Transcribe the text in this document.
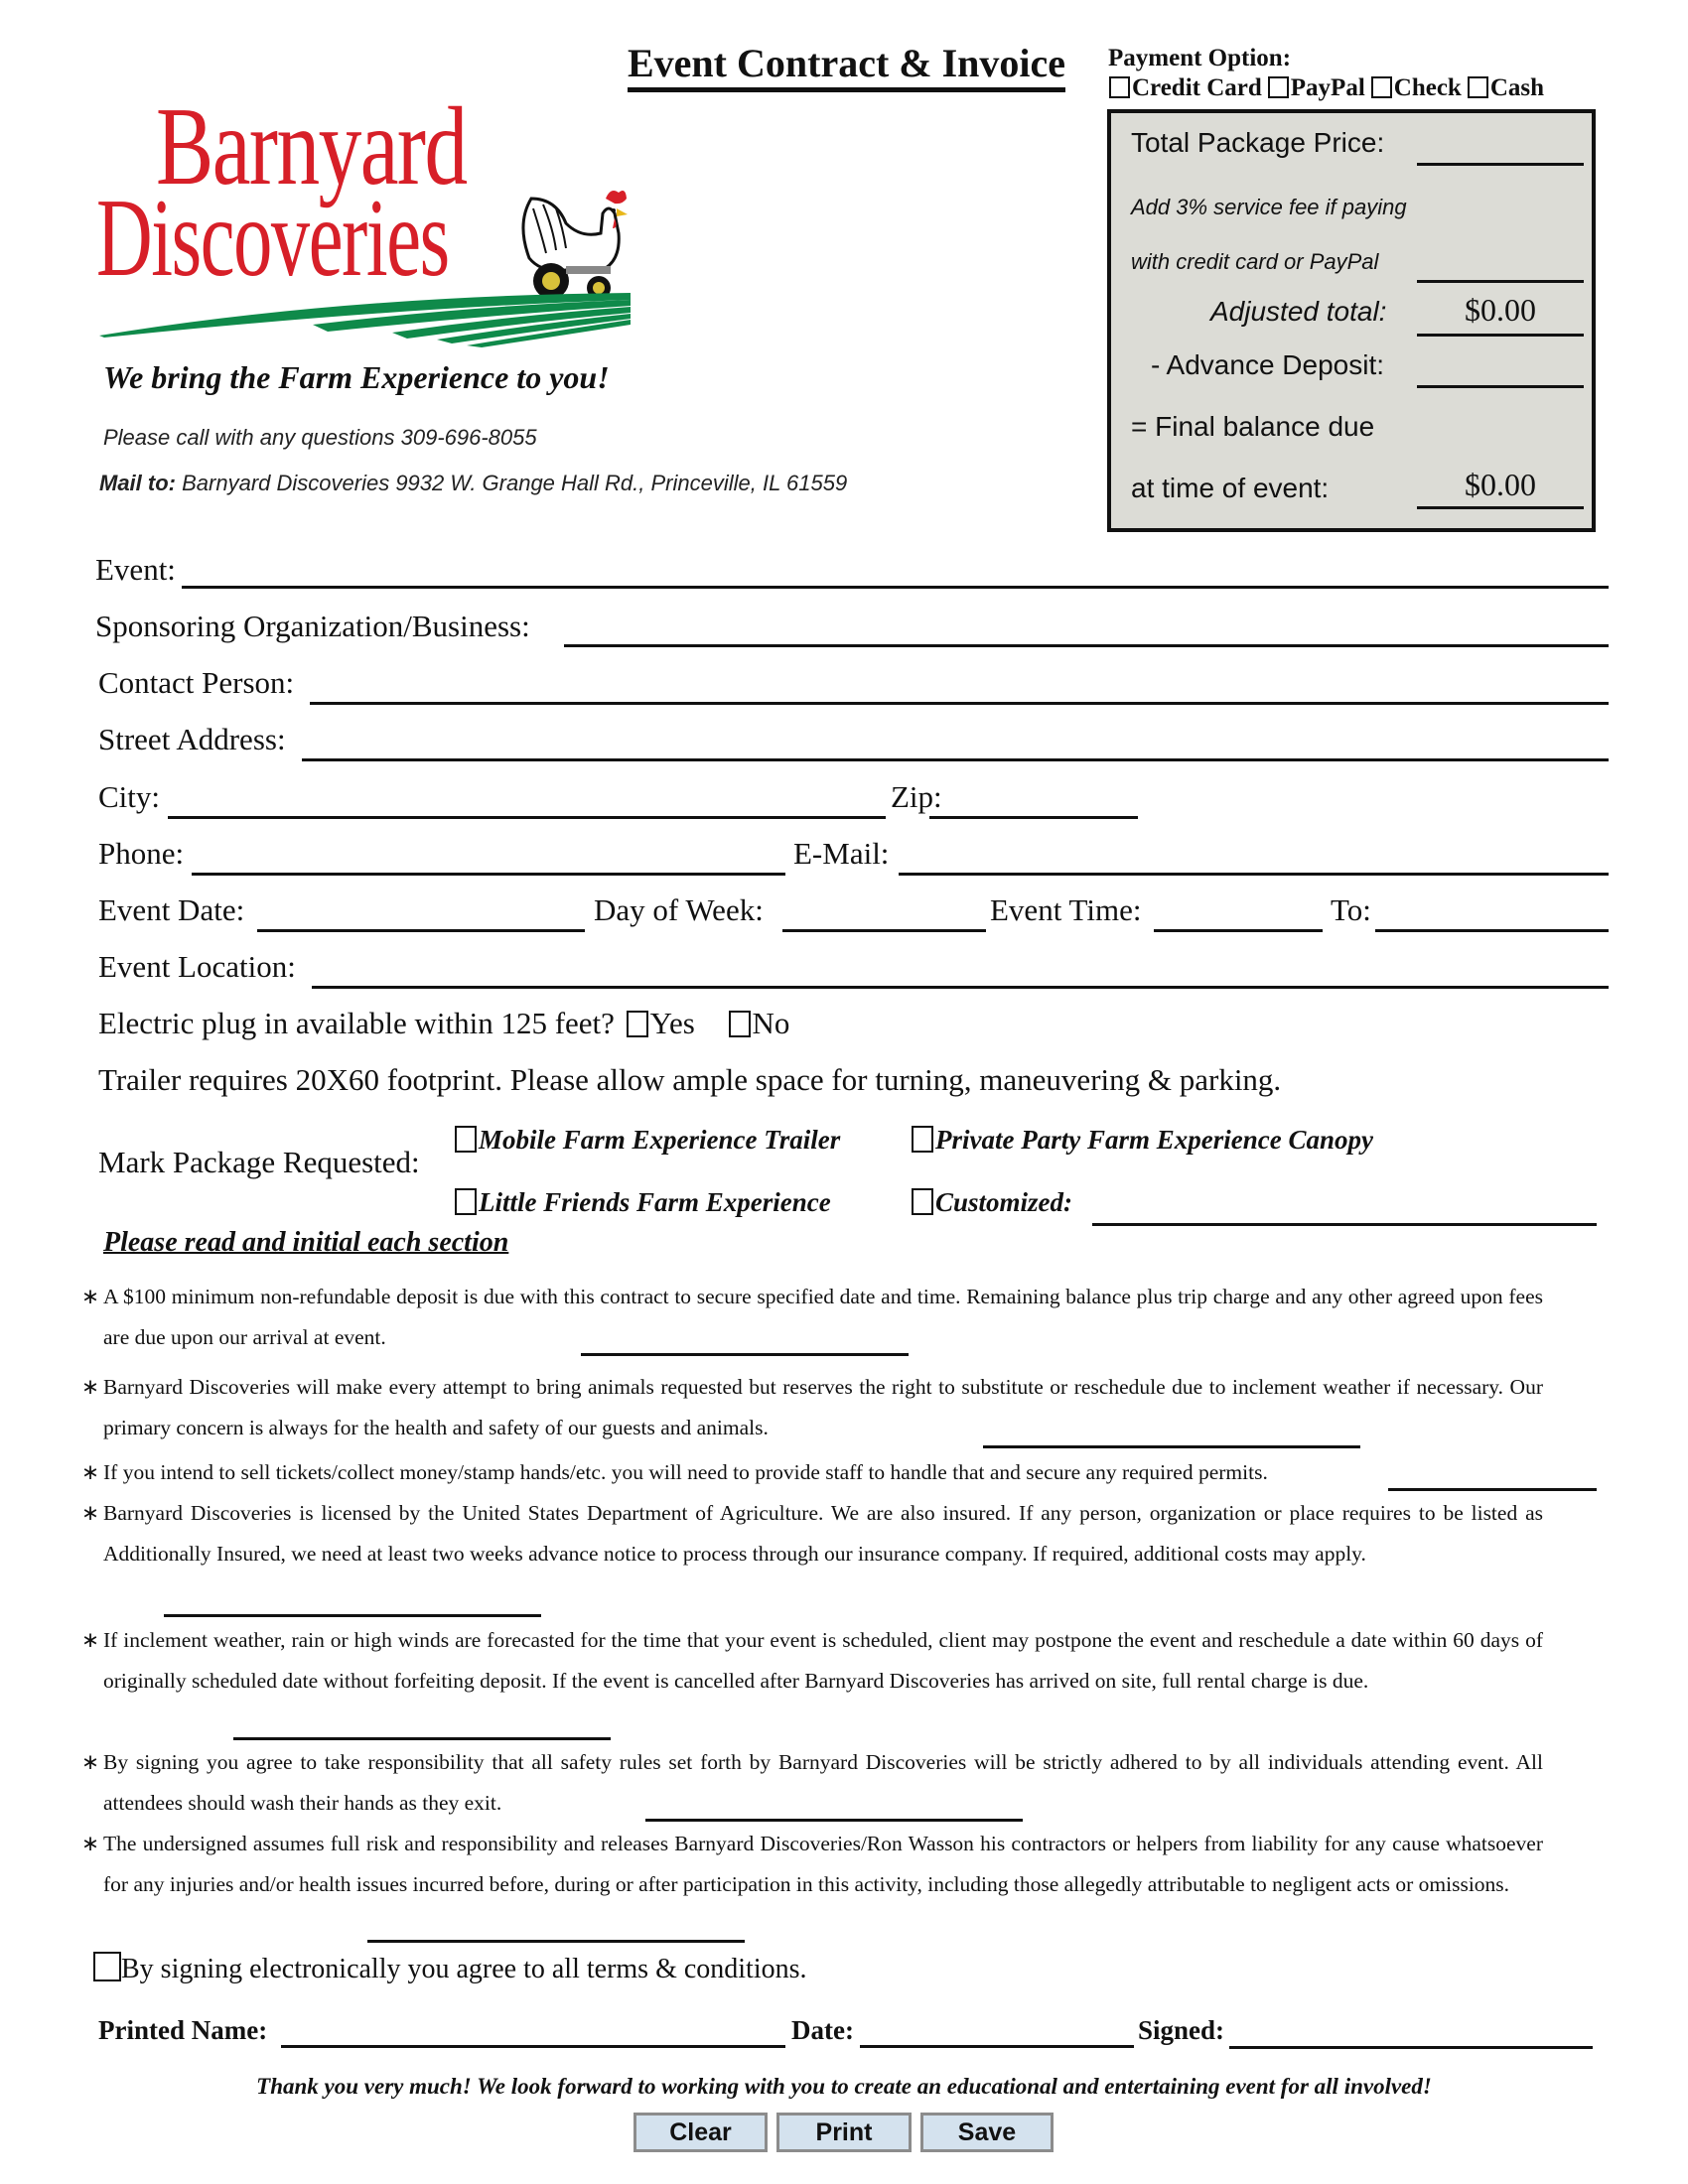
Barnyard
Discoveries
Event Contract & Invoice
We bring the Farm Experience to you!
Please call with any questions 309-696-8055
Mail to: Barnyard Discoveries 9932 W. Grange Hall Rd., Princeville, IL 61559
Payment Option:
Credit Card PayPal Check Cash
Total Package Price:
Add 3% service fee if paying
with credit card or PayPal
Adjusted total:	$0.00
- Advance Deposit:
= Final balance due
at time of event:	$0.00
Event:
Sponsoring Organization/Business:
Contact Person:
Street Address:
City:	Zip:
Phone:	E-Mail:
Event Date:	Day of Week:	Event Time:	To:
Event Location:
Electric plug in available within 125 feet? Yes No
Trailer requires 20X60 footprint. Please allow ample space for turning, maneuvering & parking.
Mark Package Requested:
Mobile Farm Experience Trailer	Private Party Farm Experience Canopy
Little Friends Farm Experience	Customized:
Please read and initial each section
∗ A $100 minimum non-refundable deposit is due with this contract to secure specified date and time. Remaining balance plus trip charge and any other agreed upon fees are due upon our arrival at event.
∗ Barnyard Discoveries will make every attempt to bring animals requested but reserves the right to substitute or reschedule due to inclement weather if necessary. Our primary concern is always for the health and safety of our guests and animals.
∗ If you intend to sell tickets/collect money/stamp hands/etc. you will need to provide staff to handle that and secure any required permits.
∗ Barnyard Discoveries is licensed by the United States Department of Agriculture. We are also insured. If any person, organization or place requires to be listed as Additionally Insured, we need at least two weeks advance notice to process through our insurance company. If required, additional costs may apply.
∗ If inclement weather, rain or high winds are forecasted for the time that your event is scheduled, client may postpone the event and reschedule a date within 60 days of originally scheduled date without forfeiting deposit. If the event is cancelled after Barnyard Discoveries has arrived on site, full rental charge is due.
∗ By signing you agree to take responsibility that all safety rules set forth by Barnyard Discoveries will be strictly adhered to by all individuals attending event. All attendees should wash their hands as they exit.
∗ The undersigned assumes full risk and responsibility and releases Barnyard Discoveries/Ron Wasson his contractors or helpers from liability for any cause whatsoever for any injuries and/or health issues incurred before, during or after participation in this activity, including those allegedly attributable to negligent acts or omissions.
By signing electronically you agree to all terms & conditions.
Printed Name:	Date:	Signed:
Thank you very much! We look forward to working with you to create an educational and entertaining event for all involved!
Clear	Print	Save
